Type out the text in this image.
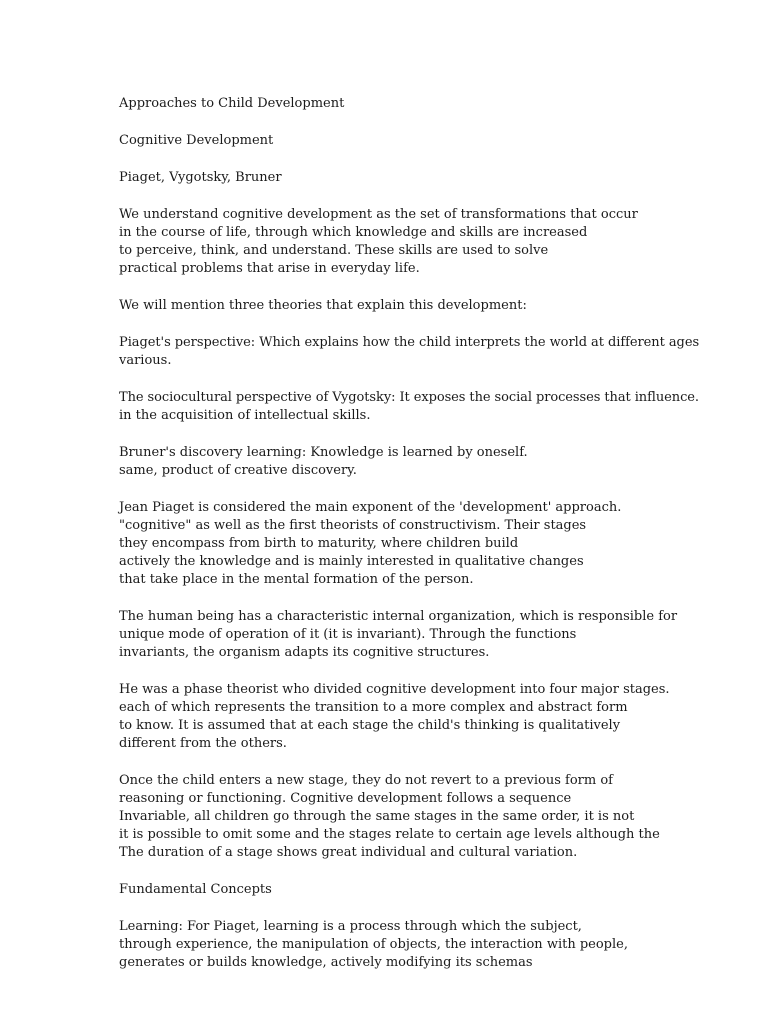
Approaches to Child Development
Cognitive Development
Piaget, Vygotsky, Bruner
We understand cognitive development as the set of transformations that occur
in the course of life, through which knowledge and skills are increased
to perceive, think, and understand. These skills are used to solve
practical problems that arise in everyday life.
We will mention three theories that explain this development:
Piaget's perspective: Which explains how the child interprets the world at different ages
various.
The sociocultural perspective of Vygotsky: It exposes the social processes that influence.
in the acquisition of intellectual skills.
Bruner's discovery learning: Knowledge is learned by oneself.
same, product of creative discovery.
Jean Piaget is considered the main exponent of the 'development' approach.
"cognitive" as well as the first theorists of constructivism. Their stages
they encompass from birth to maturity, where children build
actively the knowledge and is mainly interested in qualitative changes
that take place in the mental formation of the person.
The human being has a characteristic internal organization, which is responsible for
unique mode of operation of it (it is invariant). Through the functions
invariants, the organism adapts its cognitive structures.
He was a phase theorist who divided cognitive development into four major stages.
each of which represents the transition to a more complex and abstract form
to know. It is assumed that at each stage the child's thinking is qualitatively
different from the others.
Once the child enters a new stage, they do not revert to a previous form of
reasoning or functioning. Cognitive development follows a sequence
Invariable, all children go through the same stages in the same order, it is not
it is possible to omit some and the stages relate to certain age levels although the
The duration of a stage shows great individual and cultural variation.
Fundamental Concepts
Learning: For Piaget, learning is a process through which the subject,
through experience, the manipulation of objects, the interaction with people,
generates or builds knowledge, actively modifying its schemas
